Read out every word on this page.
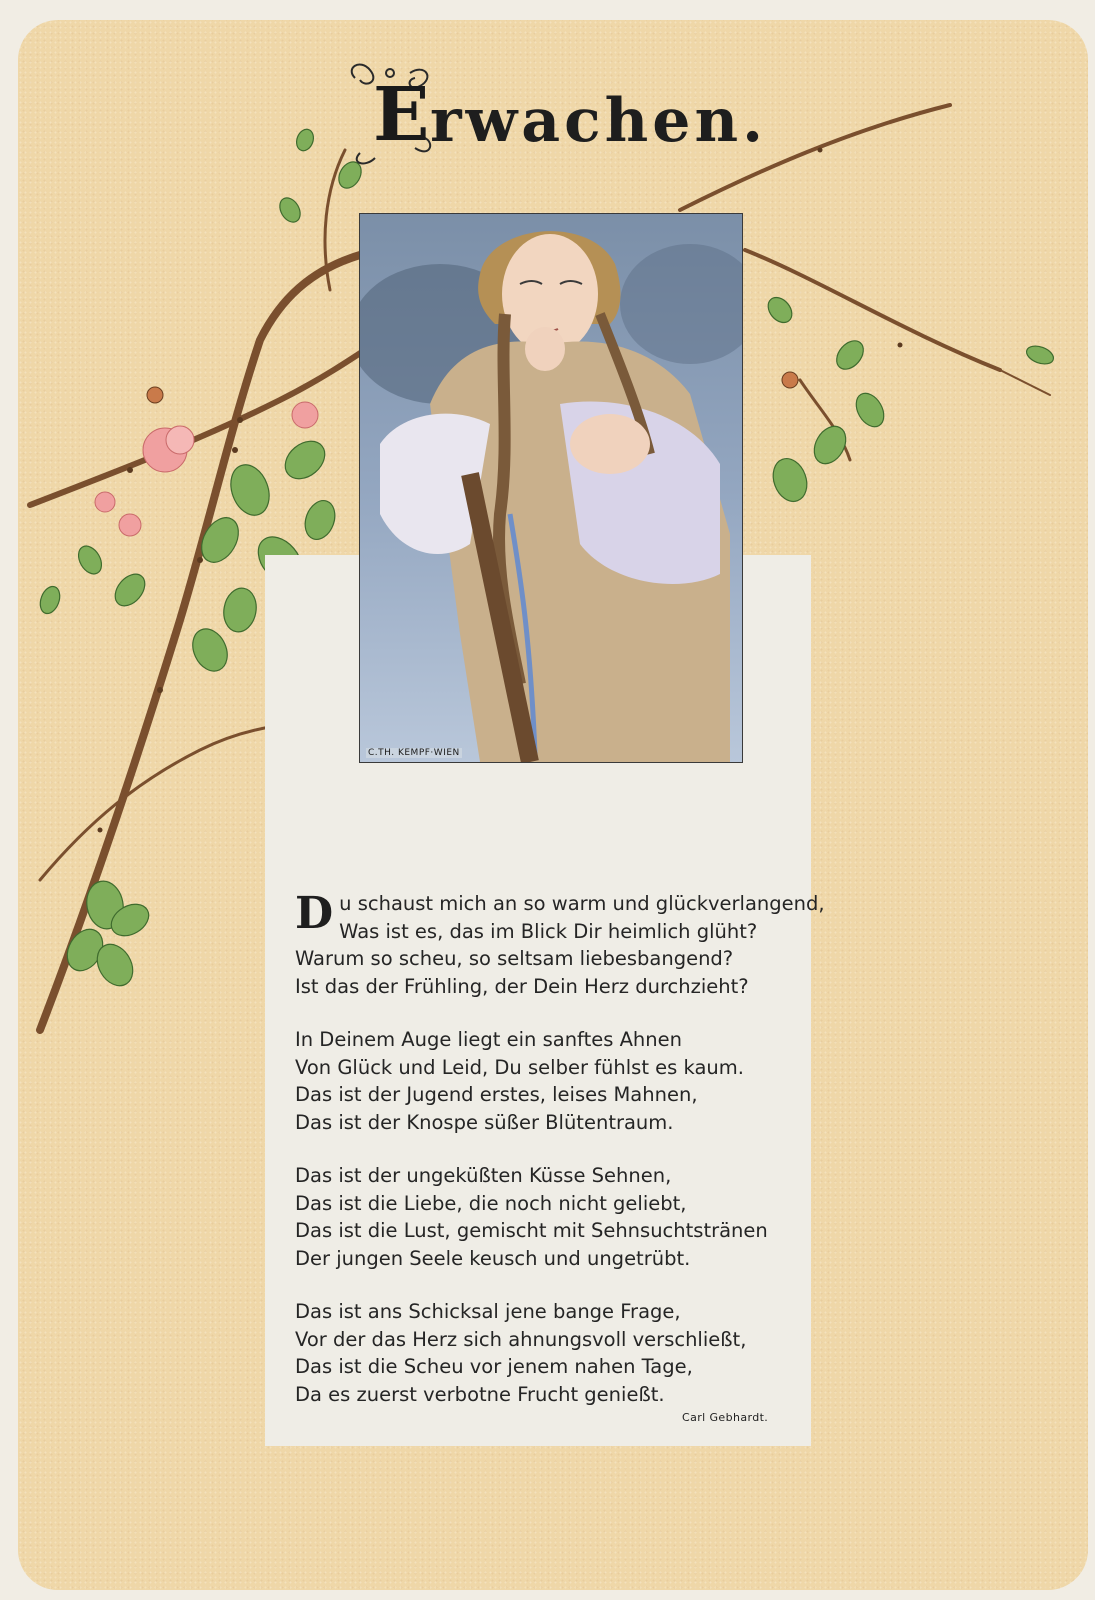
E rwachen.
C.TH. KEMPF·WIEN
D u schaust mich an so warm und glückverlangend,
Was ist es, das im Blick Dir heimlich glüht?
Warum so scheu, so seltsam liebesbangend?
Ist das der Frühling, der Dein Herz durchzieht?
In Deinem Auge liegt ein sanftes Ahnen
Von Glück und Leid, Du selber fühlst es kaum.
Das ist der Jugend erstes, leises Mahnen,
Das ist der Knospe süßer Blütentraum.
Das ist der ungeküßten Küsse Sehnen,
Das ist die Liebe, die noch nicht geliebt,
Das ist die Lust, gemischt mit Sehnsuchtstränen
Der jungen Seele keusch und ungetrübt.
Das ist ans Schicksal jene bange Frage,
Vor der das Herz sich ahnungsvoll verschließt,
Das ist die Scheu vor jenem nahen Tage,
Da es zuerst verbotne Frucht genießt.
Carl Gebhardt.
